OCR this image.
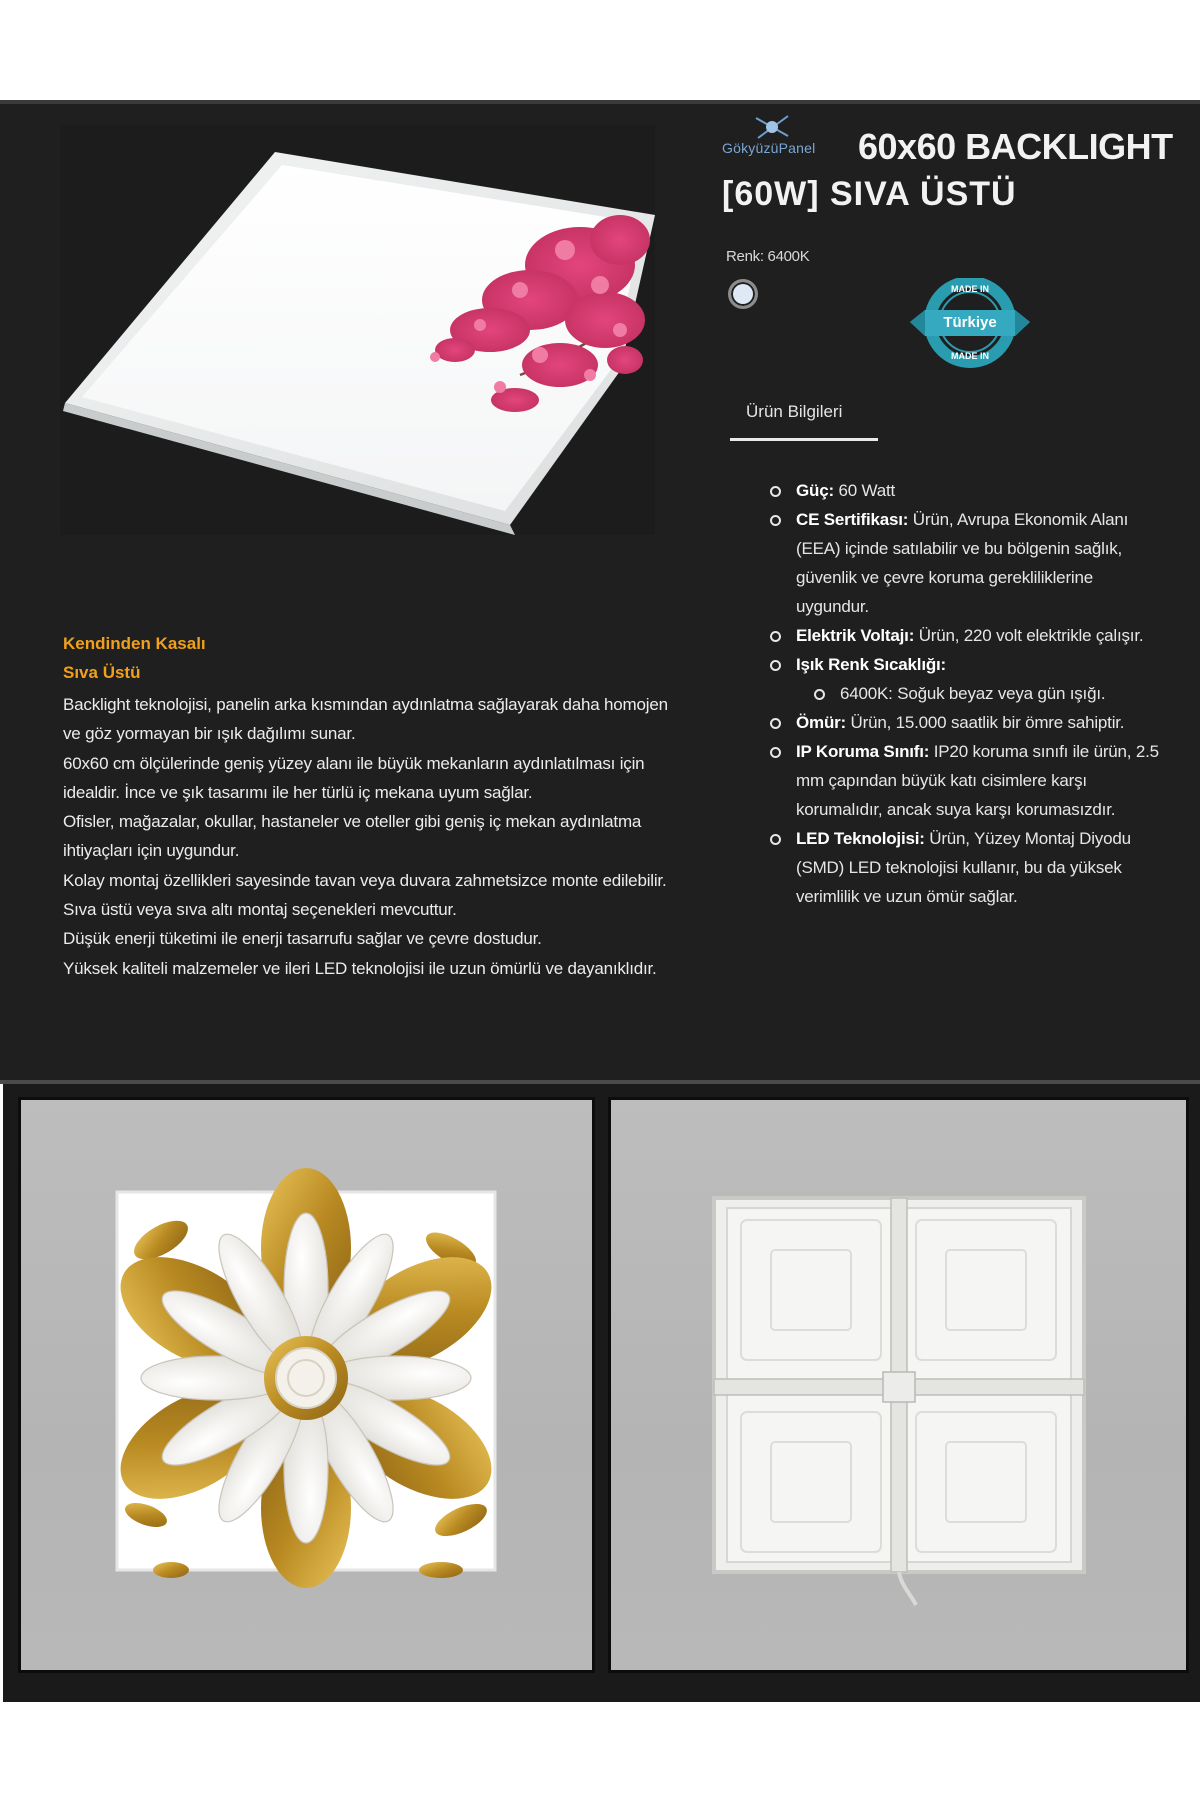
GökyüzüPanel 60x60 BACKLIGHT
[60W] SIVA ÜSTÜ
Renk: 6400K
MADE IN
Türkiye
MADE IN
Ürün Bilgileri
Güç: 60 Watt
CE Sertifikası: Ürün, Avrupa Ekonomik Alanı (EEA) içinde satılabilir ve bu bölgenin sağlık, güvenlik ve çevre koruma gerekliliklerine uygundur.
Elektrik Voltajı: Ürün, 220 volt elektrikle çalışır.
Işık Renk Sıcaklığı:
6400K: Soğuk beyaz veya gün ışığı.
Ömür: Ürün, 15.000 saatlik bir ömre sahiptir.
IP Koruma Sınıfı: IP20 koruma sınıfı ile ürün, 2.5 mm çapından büyük katı cisimlere karşı korumalıdır, ancak suya karşı korumasızdır.
LED Teknolojisi: Ürün, Yüzey Montaj Diyodu (SMD) LED teknolojisi kullanır, bu da yüksek verimlilik ve uzun ömür sağlar.
Kendinden Kasalı
Sıva Üstü

Backlight teknolojisi, panelin arka kısmından aydınlatma sağlayarak daha homojen ve göz yormayan bir ışık dağılımı sunar.

60x60 cm ölçülerinde geniş yüzey alanı ile büyük mekanların aydınlatılması için idealdir. İnce ve şık tasarımı ile her türlü iç mekana uyum sağlar.

Ofisler, mağazalar, okullar, hastaneler ve oteller gibi geniş iç mekan aydınlatma ihtiyaçları için uygundur.

Kolay montaj özellikleri sayesinde tavan veya duvara zahmetsizce monte edilebilir. Sıva üstü veya sıva altı montaj seçenekleri mevcuttur.

Düşük enerji tüketimi ile enerji tasarrufu sağlar ve çevre dostudur.

Yüksek kaliteli malzemeler ve ileri LED teknolojisi ile uzun ömürlü ve dayanıklıdır.
